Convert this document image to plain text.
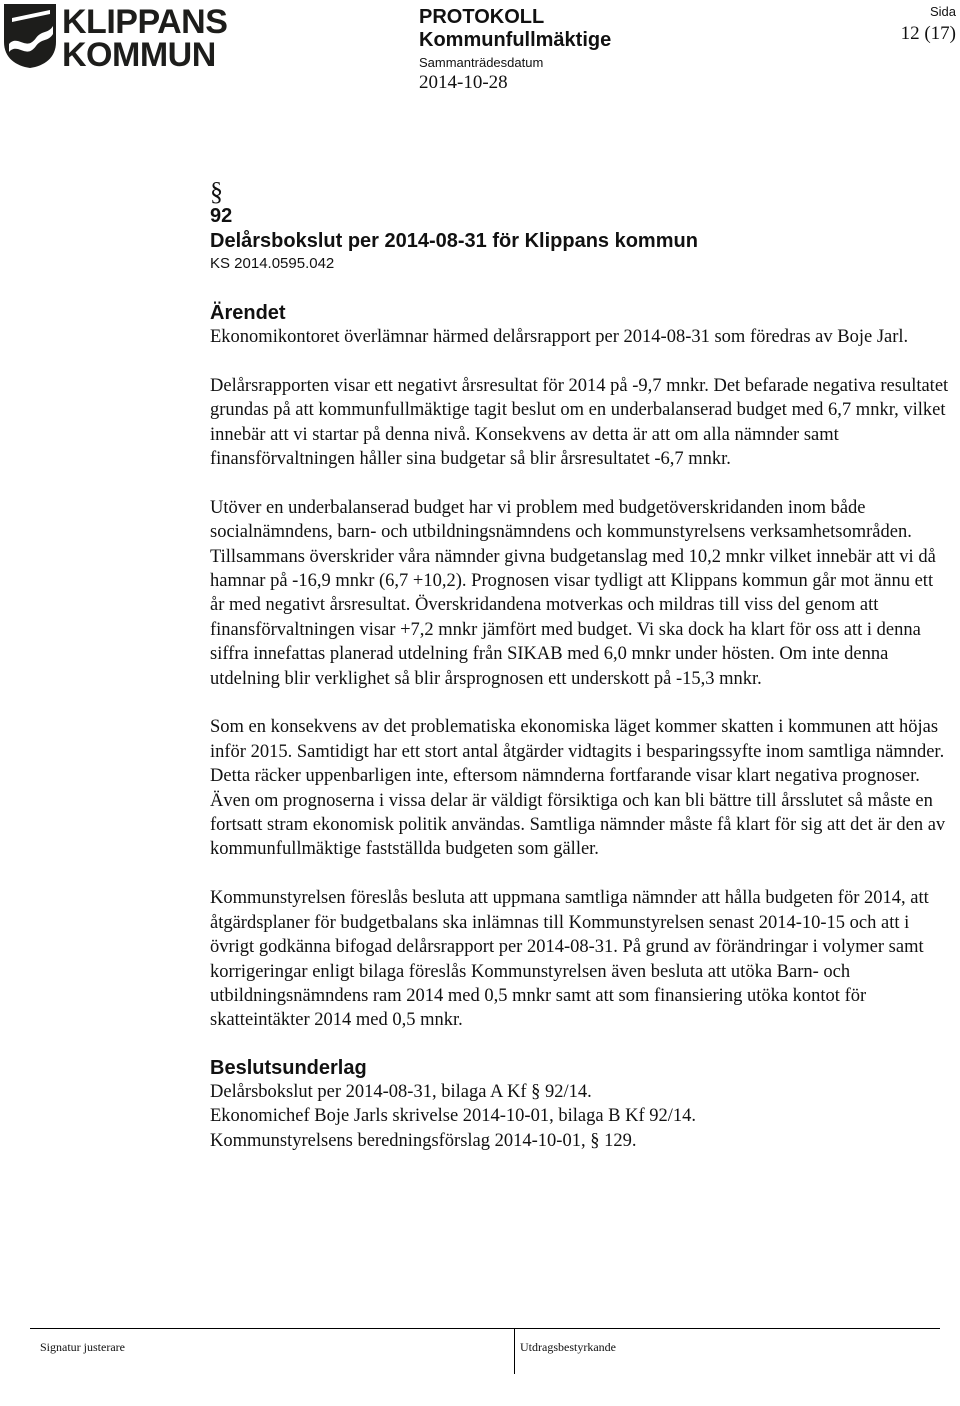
KLIPPANS
KOMMUN
PROTOKOLL
Kommunfullmäktige
Sammanträdesdatum
2014-10-28
Sida
12 (17)
§
92
Delårsbokslut per 2014-08-31 för Klippans kommun
KS 2014.0595.042
Ärendet

Ekonomikontoret överlämnar härmed delårsrapport per 2014-08-31 som föredras av Boje Jarl.

Delårsrapporten visar ett negativt årsresultat för 2014 på -9,7 mnkr. Det befarade negativa resultatet grundas på att kommunfullmäktige tagit beslut om en underbalanserad budget med 6,7 mnkr, vilket innebär att vi startar på denna nivå. Konsekvens av detta är att om alla nämnder samt finansförvaltningen håller sina budgetar så blir årsresultatet -6,7 mnkr.

Utöver en underbalanserad budget har vi problem med budgetöverskridanden inom både socialnämndens, barn- och utbildningsnämndens och kommunstyrelsens verksamhetsområden. Tillsammans överskrider våra nämnder givna budgetanslag med 10,2 mnkr vilket innebär att vi då hamnar på -16,9 mnkr (6,7 +10,2). Prognosen visar tydligt att Klippans kommun går mot ännu ett år med negativt årsresultat. Överskridandena motverkas och mildras till viss del genom att finansförvaltningen visar +7,2 mnkr jämfört med budget. Vi ska dock ha klart för oss att i denna siffra innefattas planerad utdelning från SIKAB med 6,0 mnkr under hösten. Om inte denna utdelning blir verklighet så blir årsprognosen ett underskott på -15,3 mnkr.

Som en konsekvens av det problematiska ekonomiska läget kommer skatten i kommunen att höjas inför 2015. Samtidigt har ett stort antal åtgärder vidtagits i besparingssyfte inom samtliga nämnder. Detta räcker uppenbarligen inte, eftersom nämnderna fortfarande visar klart negativa prognoser. Även om prognoserna i vissa delar är väldigt försiktiga och kan bli bättre till årsslutet så måste en fortsatt stram ekonomisk politik användas. Samtliga nämnder måste få klart för sig att det är den av kommunfullmäktige fastställda budgeten som gäller.

Kommunstyrelsen föreslås besluta att uppmana samtliga nämnder att hålla budgeten för 2014, att åtgärdsplaner för budgetbalans ska inlämnas till Kommunstyrelsen senast 2014-10-15 och att i övrigt godkänna bifogad delårsrapport per 2014-08-31. På grund av förändringar i volymer samt korrigeringar enligt bilaga föreslås Kommunstyrelsen även besluta att utöka Barn- och utbildningsnämndens ram 2014 med 0,5 mnkr samt att som finansiering utöka kontot för skatteintäkter 2014 med 0,5 mnkr.

Beslutsunderlag
Delårsbokslut per 2014-08-31, bilaga A Kf § 92/14.
Ekonomichef Boje Jarls skrivelse 2014-10-01, bilaga B Kf 92/14.
Kommunstyrelsens beredningsförslag 2014-10-01, § 129.
Signatur justerare	Utdragsbestyrkande
